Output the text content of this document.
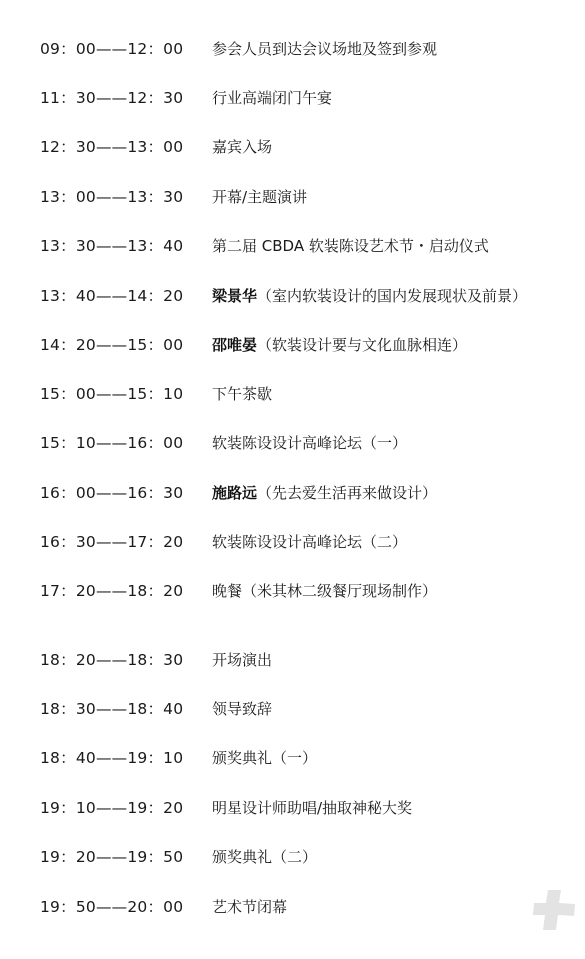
09：00——12：00 参会人员到达会议场地及签到参观
11：30——12：30 行业高端闭门午宴
12：30——13：00 嘉宾入场
13：00——13：30 开幕/主题演讲
13：30——13：40 第二届 CBDA 软装陈设艺术节・启动仪式
13：40——14：20 梁景华（室内软装设计的国内发展现状及前景）
14：20——15：00 邵唯晏（软装设计要与文化血脉相连）
15：00——15：10 下午茶歇
15：10——16：00 软装陈设设计高峰论坛（一）
16：00——16：30 施路远（先去爱生活再来做设计）
16：30——17：20 软装陈设设计高峰论坛（二）
17：20——18：20 晚餐（米其林二级餐厅现场制作）
18：20——18：30 开场演出
18：30——18：40 领导致辞
18：40——19：10 颁奖典礼（一）
19：10——19：20 明星设计师助唱/抽取神秘大奖
19：20——19：50 颁奖典礼（二）
19：50——20：00 艺术节闭幕
